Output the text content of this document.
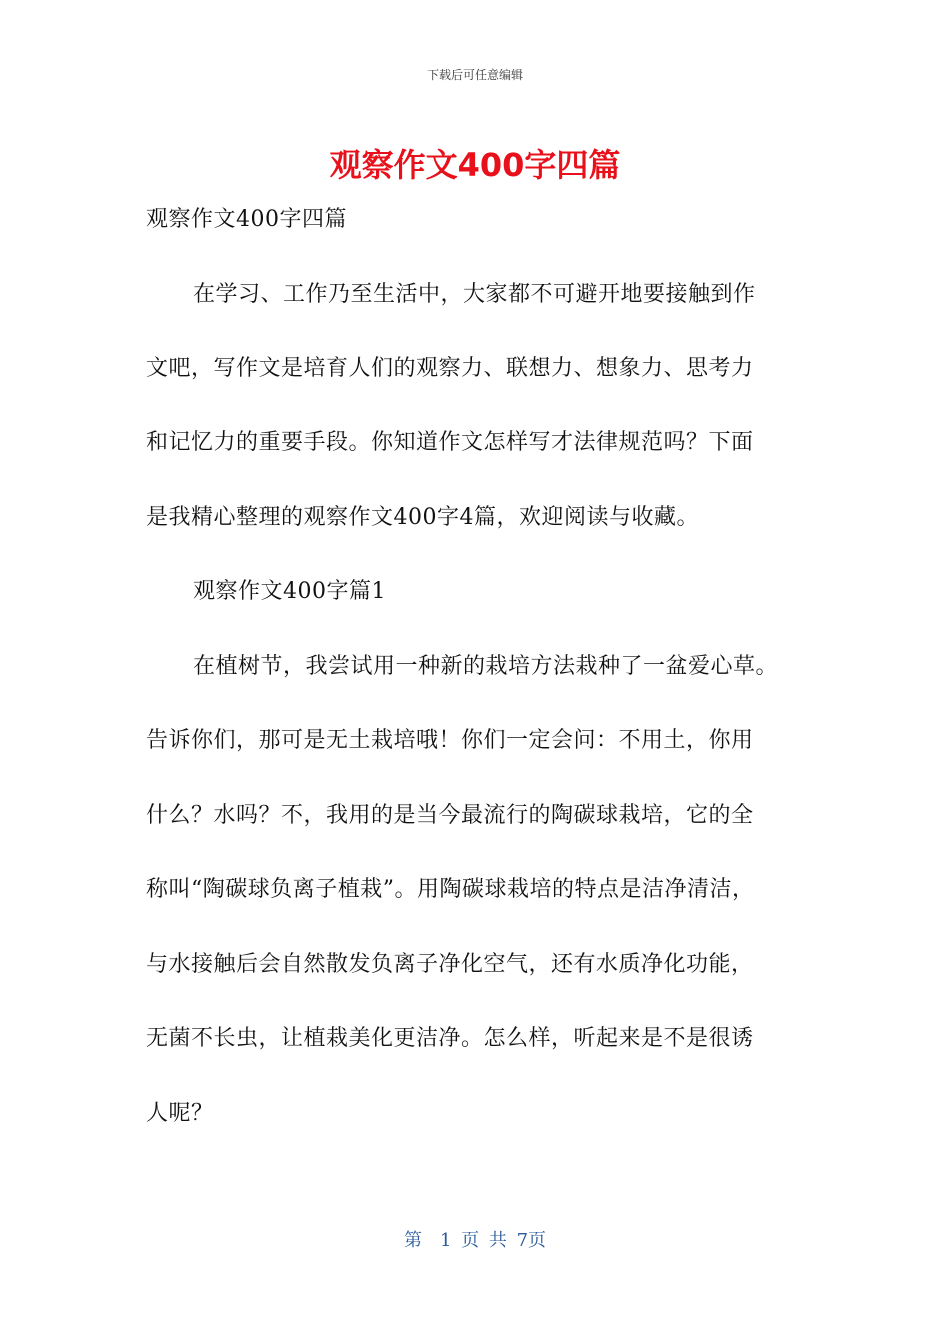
下载后可任意编辑
观察作文400字四篇
观察作文400字四篇
在学习、工作乃至生活中，大家都不可避开地要接触到作
文吧，写作文是培育人们的观察力、联想力、想象力、思考力
和记忆力的重要手段。你知道作文怎样写才法律规范吗？下面
是我精心整理的观察作文400字4篇，欢迎阅读与收藏。
观察作文400字篇1
在植树节，我尝试用一种新的栽培方法栽种了一盆爱心草。
告诉你们，那可是无土栽培哦！你们一定会问：不用土，你用
什么？水吗？不，我用的是当今最流行的陶碳球栽培，它的全
称叫“陶碳球负离子植栽”。用陶碳球栽培的特点是洁净清洁，
与水接触后会自然散发负离子净化空气，还有水质净化功能，
无菌不长虫，让植栽美化更洁净。怎么样，听起来是不是很诱
人呢？
第　1 页 共 7页
